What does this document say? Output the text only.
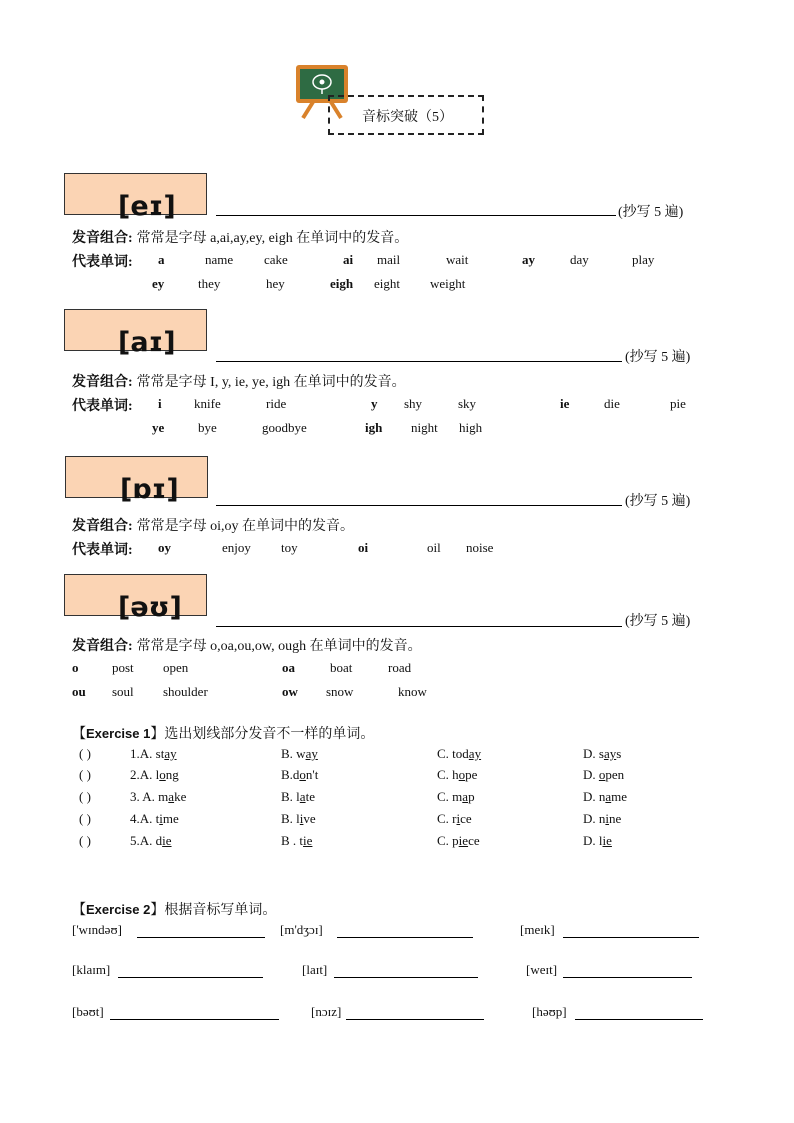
音标突破（5）
[eɪ]	(抄写 5 遍)
发音组合: 常常是字母 a,ai,ay,ey, eigh 在单词中的发音。
代表单词: a	name cake	ai mail	wait	ay	day	play
ey	they	hey	eigh eight weight
[aɪ]	(抄写 5 遍)
发音组合: 常常是字母 I, y, ie, ye, igh 在单词中的发音。
代表单词: i knife	ride	y shy	sky	ie	die	pie
ye	bye	goodbye	igh night high
[ɒɪ]	(抄写 5 遍)
发音组合: 常常是字母 oi,oy 在单词中的发音。
代表单词: oy	enjoy toy	oi	oil noise
[əʊ]	(抄写 5 遍)
发音组合: 常常是字母 o,oa,ou,ow, ough 在单词中的发音。
o	post open	oa	boat	road
ou soul shoulder	ow snow	know
【Exercise 1】选出划线部分发音不一样的单词。
( )	1.A. stay	B. way	C. today	D. says
( )	2.A. long	B.don't	C. hope	D. open
( )	3. A. make	B. late	C. map	D. name
( )	4.A. time	B. live	C. rice	D. nine
( )	5.A. die	B . tie	C. piece	D. lie
【Exercise 2】根据音标写单词。
['wɪndəʊ]	[m'dʒɔɪ]	[meɪk]
[klaɪm]	[laɪt]	[weɪt]
[bəʊt]	[nɔɪz]	[həʊp]
